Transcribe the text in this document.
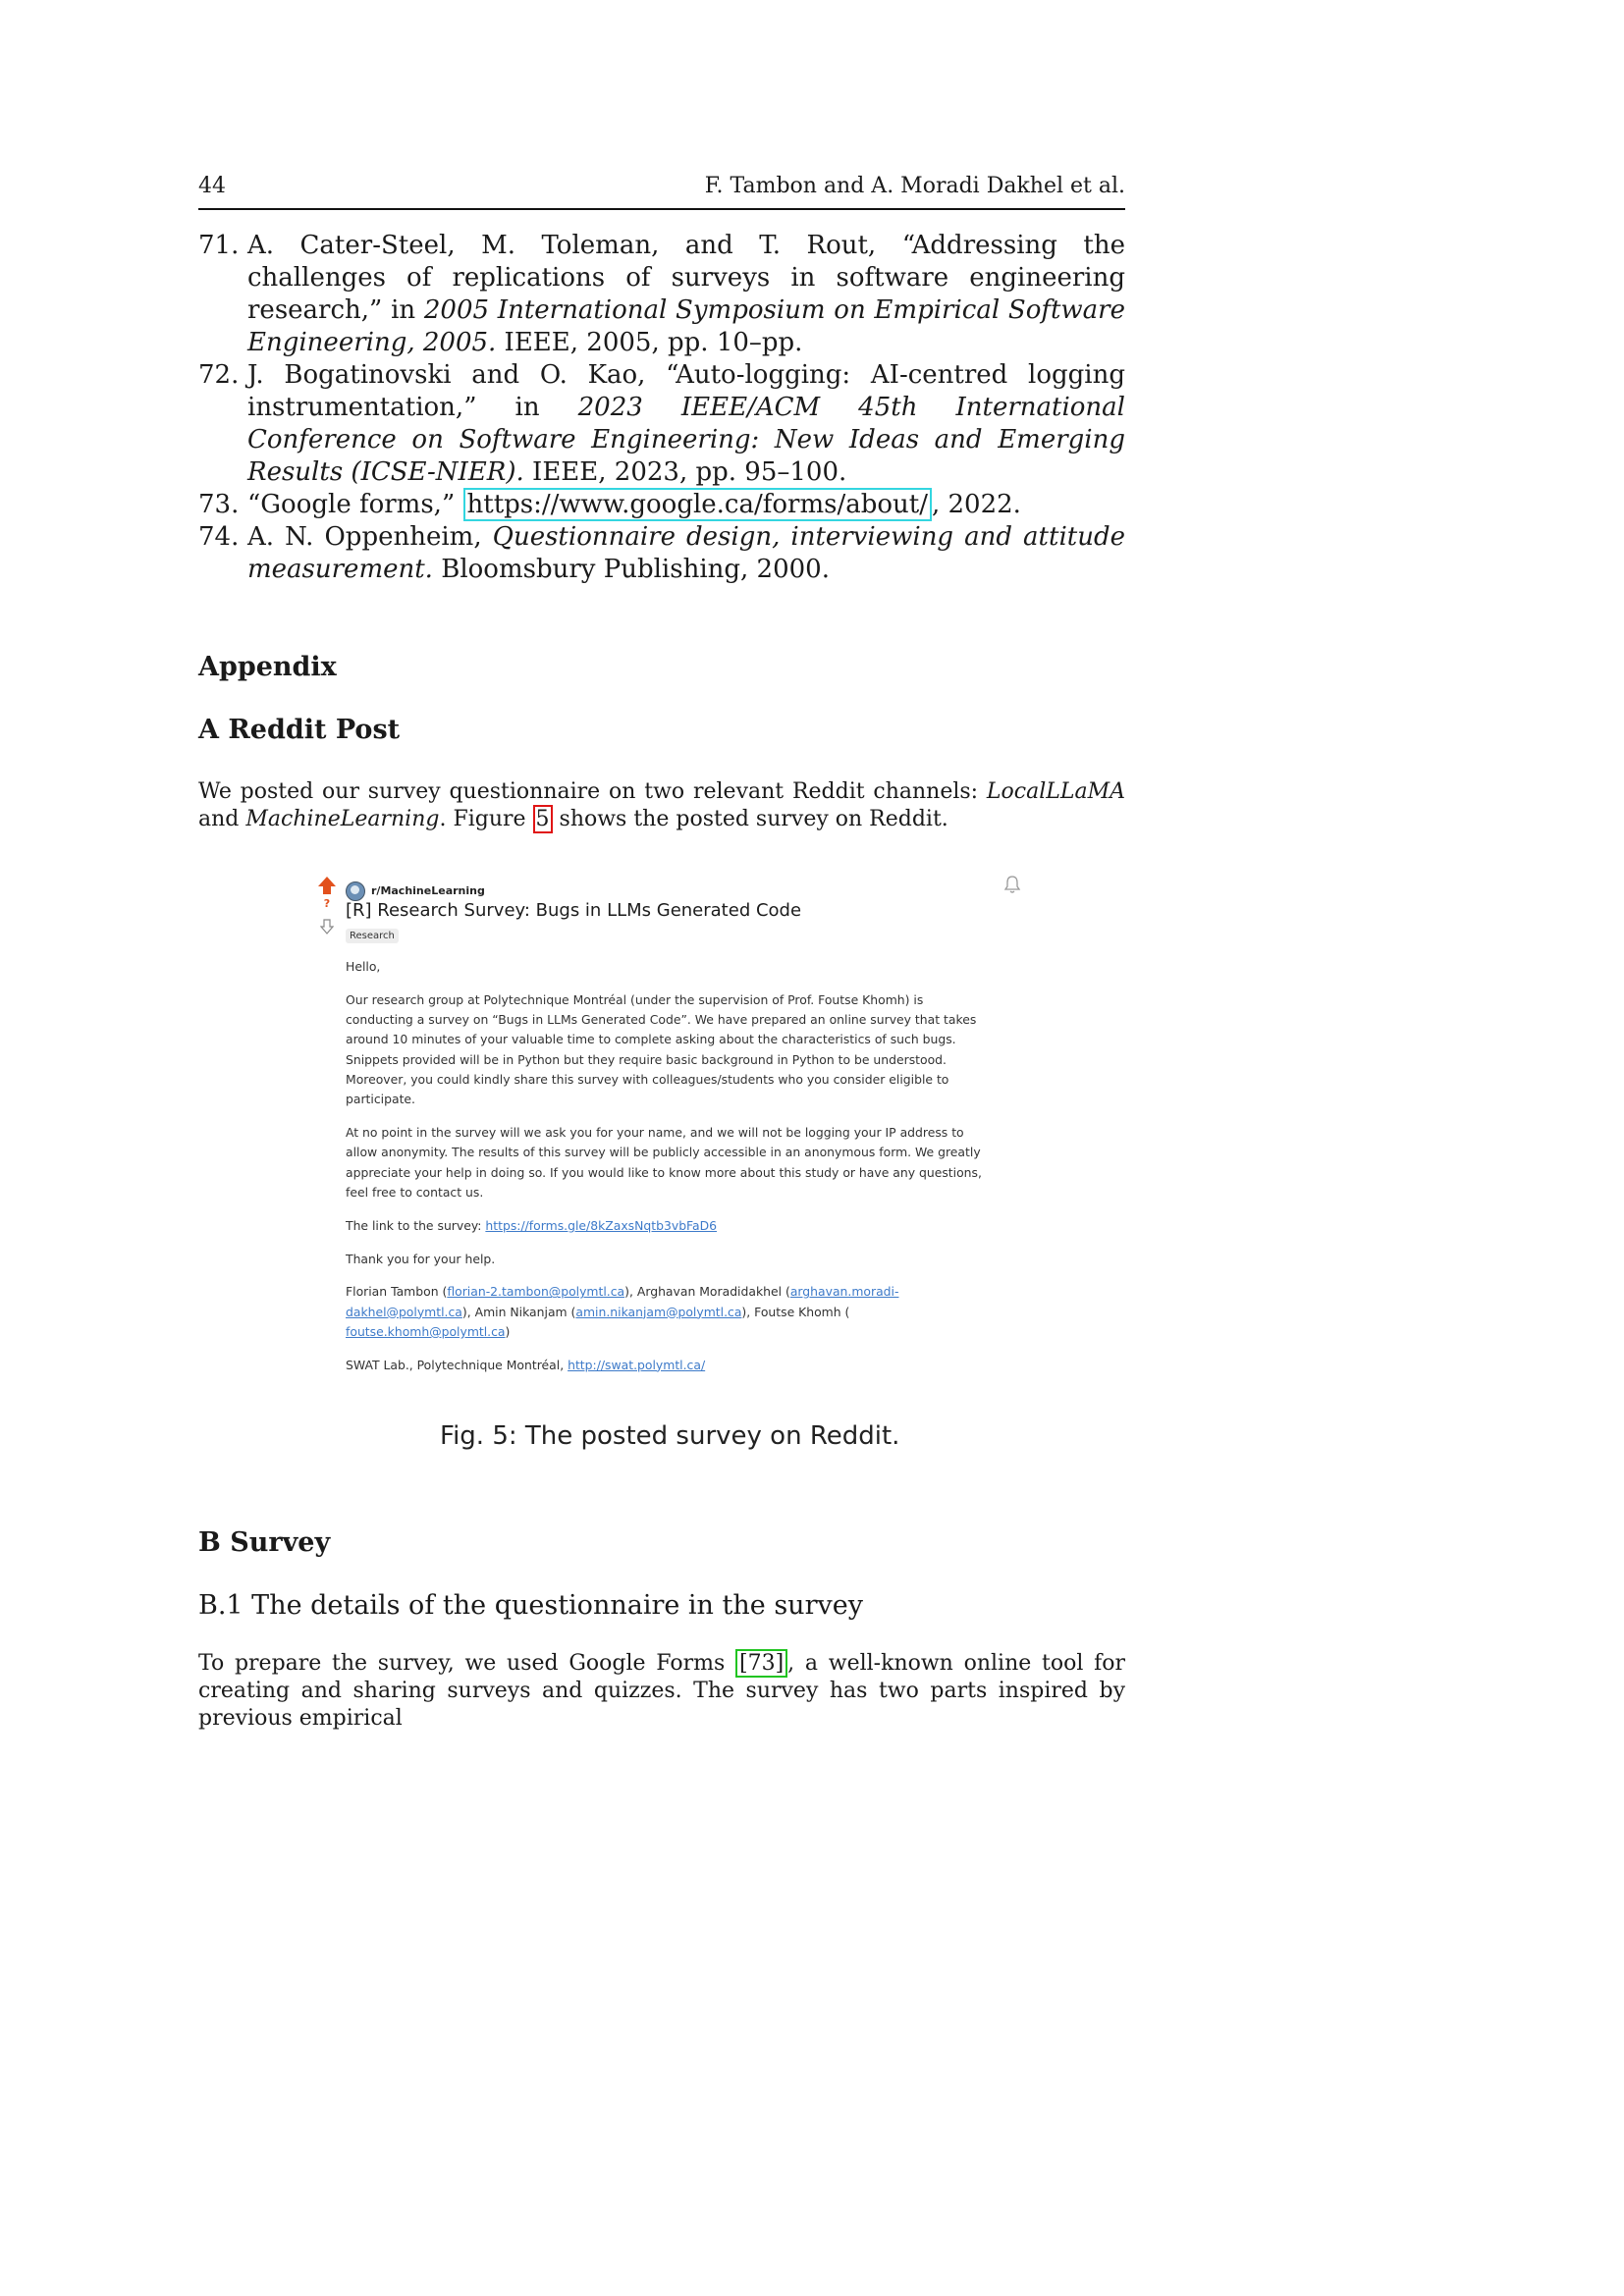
44	F. Tambon and A. Moradi Dakhel et al.
71. A. Cater-Steel, M. Toleman, and T. Rout, “Addressing the challenges of replications of surveys in software engineering research,” in 2005 International Symposium on Empirical Software Engineering, 2005. IEEE, 2005, pp. 10–pp.
72. J. Bogatinovski and O. Kao, “Auto-logging: AI-centred logging instrumentation,” in 2023 IEEE/ACM 45th International Conference on Software Engineering: New Ideas and Emerging Results (ICSE-NIER). IEEE, 2023, pp. 95–100.
73. “Google forms,” https://www.google.ca/forms/about/ , 2022.
74. A. N. Oppenheim, Questionnaire design, interviewing and attitude measurement. Bloomsbury Publishing, 2000.
Appendix
A Reddit Post
We posted our survey questionnaire on two relevant Reddit channels: LocalLLaMA and MachineLearning. Figure 5 shows the posted survey on Reddit.
?
r/MachineLearning
[R] Research Survey: Bugs in LLMs Generated Code
Research

Hello,

Our research group at Polytechnique Montréal (under the supervision of Prof. Foutse Khomh) is conducting a survey on “Bugs in LLMs Generated Code”. We have prepared an online survey that takes around 10 minutes of your valuable time to complete asking about the characteristics of such bugs. Snippets provided will be in Python but they require basic background in Python to be understood. Moreover, you could kindly share this survey with colleagues/students who you consider eligible to participate.

At no point in the survey will we ask you for your name, and we will not be logging your IP address to allow anonymity. The results of this survey will be publicly accessible in an anonymous form. We greatly appreciate your help in doing so. If you would like to know more about this study or have any questions, feel free to contact us.

The link to the survey: https://forms.gle/8kZaxsNqtb3vbFaD6

Thank you for your help.

Florian Tambon (florian-2.tambon@polymtl.ca), Arghavan Moradidakhel (arghavan.moradi-dakhel@polymtl.ca), Amin Nikanjam (amin.nikanjam@polymtl.ca), Foutse Khomh (
foutse.khomh@polymtl.ca)

SWAT Lab., Polytechnique Montréal, http://swat.polymtl.ca/

Fig. 5: The posted survey on Reddit.
B Survey
B.1 The details of the questionnaire in the survey
To prepare the survey, we used Google Forms [73] , a well-known online tool for creating and sharing surveys and quizzes. The survey has two parts inspired by previous empirical
